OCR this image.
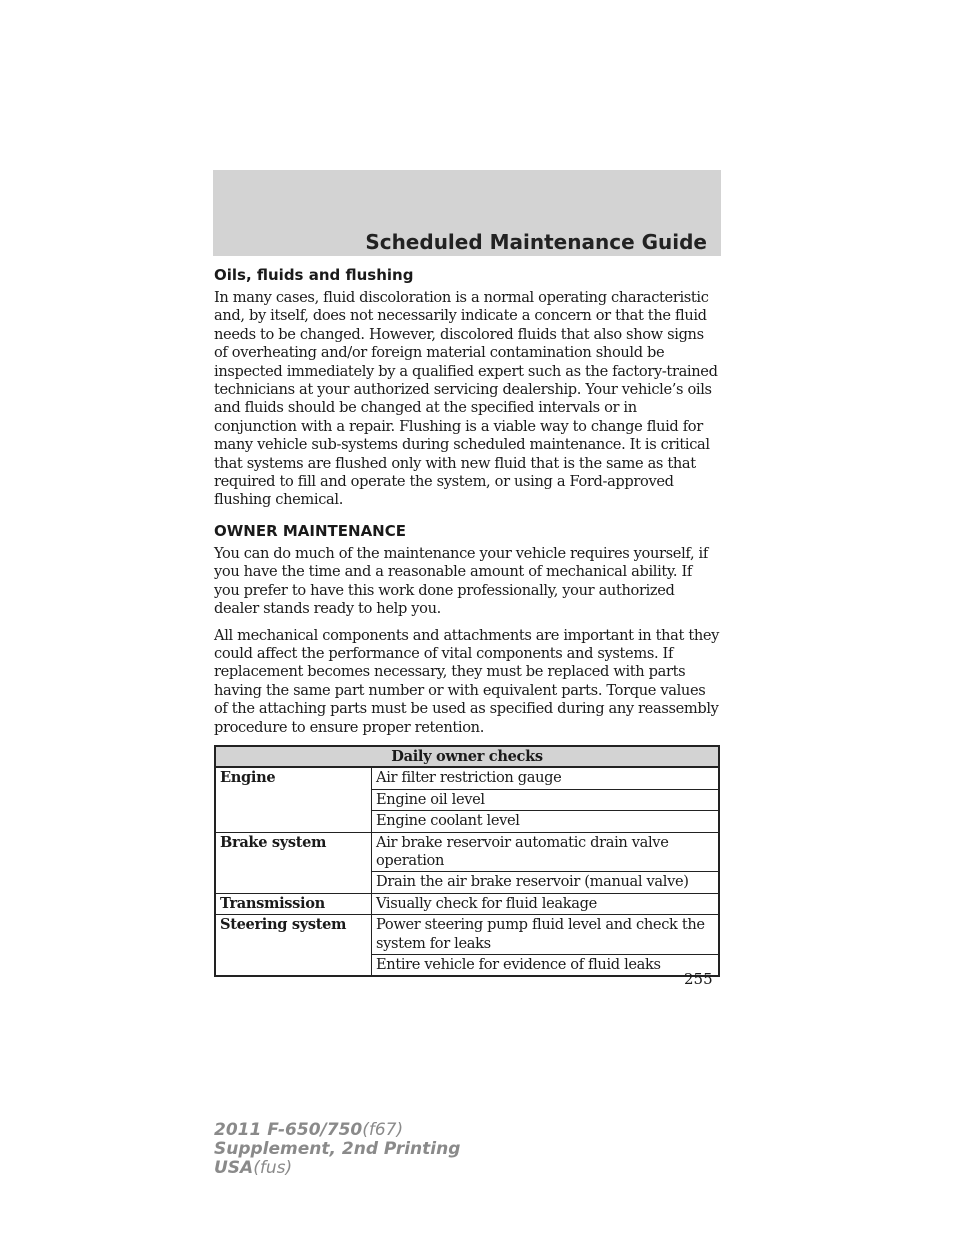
Scheduled Maintenance Guide
Oils, fluids and flushing

In many cases, fluid discoloration is a normal operating characteristic and, by itself, does not necessarily indicate a concern or that the fluid needs to be changed. However, discolored fluids that also show signs of overheating and/or foreign material contamination should be inspected immediately by a qualified expert such as the factory-trained technicians at your authorized servicing dealership. Your vehicle’s oils and fluids should be changed at the specified intervals or in conjunction with a repair. Flushing is a viable way to change fluid for many vehicle sub-systems during scheduled maintenance. It is critical that systems are flushed only with new fluid that is the same as that required to fill and operate the system, or using a Ford-approved flushing chemical.

OWNER MAINTENANCE

You can do much of the maintenance your vehicle requires yourself, if you have the time and a reasonable amount of mechanical ability. If you prefer to have this work done professionally, your authorized dealer stands ready to help you.

All mechanical components and attachments are important in that they could affect the performance of vital components and systems. If replacement becomes necessary, they must be replaced with parts having the same part number or with equivalent parts. Torque values of the attaching parts must be used as specified during any reassembly procedure to ensure proper retention.

Daily owner checks	
Engine	Air filter restriction gauge
	Engine oil level
	Engine coolant level
Brake system	Air brake reservoir automatic drain valve operation
	Drain the air brake reservoir (manual valve)
Transmission	Visually check for fluid leakage
Steering system	Power steering pump fluid level and check the system for leaks
	Entire vehicle for evidence of fluid leaks
255
2011 F-650/750(f67)
Supplement, 2nd Printing
USA(fus)
